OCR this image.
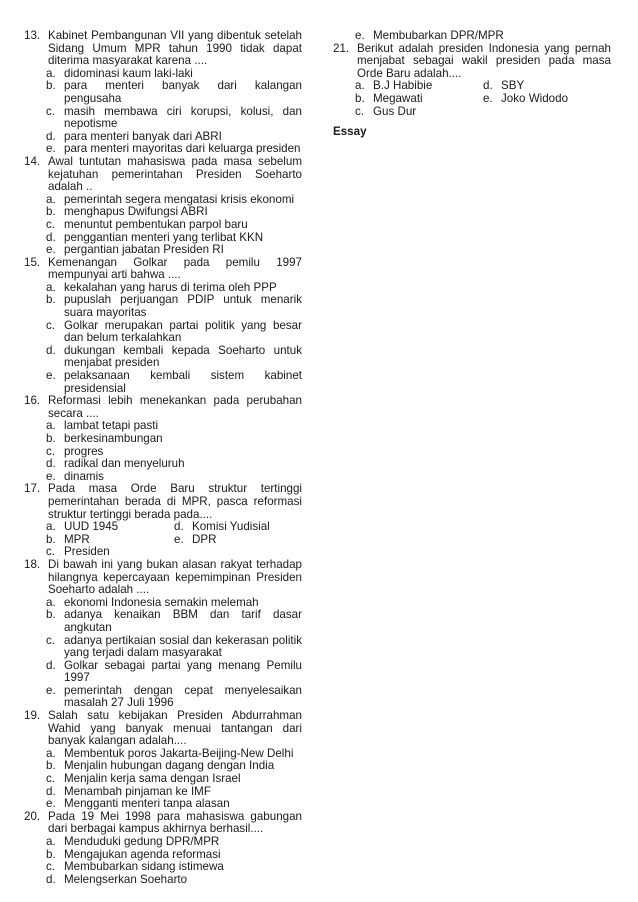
13. Kabinet Pembangunan VII yang dibentuk setelah Sidang Umum MPR tahun 1990 tidak dapat diterima masyarakat karena ....
a. didominasi kaum laki-laki
b. para menteri banyak dari kalangan pengusaha
c. masih membawa ciri korupsi, kolusi, dan nepotisme
d. para menteri banyak dari ABRI
e. para menteri mayoritas dari keluarga presiden
14. Awal tuntutan mahasiswa pada masa sebelum kejatuhan pemerintahan Presiden Soeharto adalah ..
a. pemerintah segera mengatasi krisis ekonomi
b. menghapus Dwifungsi ABRI
c. menuntut pembentukan parpol baru
d. penggantian menteri yang terlibat KKN
e. pergantian jabatan Presiden RI
15. Kemenangan Golkar pada pemilu 1997 mempunyai arti bahwa ....
a. kekalahan yang harus di terima oleh PPP
b. pupuslah perjuangan PDIP untuk menarik suara mayoritas
c. Golkar merupakan partai politik yang besar dan belum terkalahkan
d. dukungan kembali kepada Soeharto untuk menjabat presiden
e. pelaksanaan kembali sistem kabinet presidensial
16. Reformasi lebih menekankan pada perubahan secara ....
a. lambat tetapi pasti
b. berkesinambungan
c. progres
d. radikal dan menyeluruh
e. dinamis
17. Pada masa Orde Baru struktur tertinggi pemerintahan berada di MPR, pasca reformasi struktur tertinggi berada pada....
a. UUD 1945	d. Komisi Yudisial
b. MPR	e. DPR
c. Presiden
18. Di bawah ini yang bukan alasan rakyat terhadap hilangnya kepercayaan kepemimpinan Presiden Soeharto adalah ....
a. ekonomi Indonesia semakin melemah
b. adanya kenaikan BBM dan tarif dasar angkutan
c. adanya pertikaian sosial dan kekerasan politik yang terjadi dalam masyarakat
d. Golkar sebagai partai yang menang Pemilu 1997
e. pemerintah dengan cepat menyelesaikan masalah 27 Juli 1996
19. Salah satu kebijakan Presiden Abdurrahman Wahid yang banyak menuai tantangan dari banyak kalangan adalah....
a. Membentuk poros Jakarta-Beijing-New Delhi
b. Menjalin hubungan dagang dengan India
c. Menjalin kerja sama dengan Israel
d. Menambah pinjaman ke IMF
e. Mengganti menteri tanpa alasan
20. Pada 19 Mei 1998 para mahasiswa gabungan dari berbagai kampus akhirnya berhasil....
a. Menduduki gedung DPR/MPR
b. Mengajukan agenda reformasi
c. Membubarkan sidang istimewa
d. Melengserkan Soeharto
e. Membubarkan DPR/MPR
21. Berikut adalah presiden Indonesia yang pernah menjabat sebagai wakil presiden pada masa Orde Baru adalah....
a. B.J Habibie	d. SBY
b. Megawati	e. Joko Widodo
c. Gus Dur
Essay
